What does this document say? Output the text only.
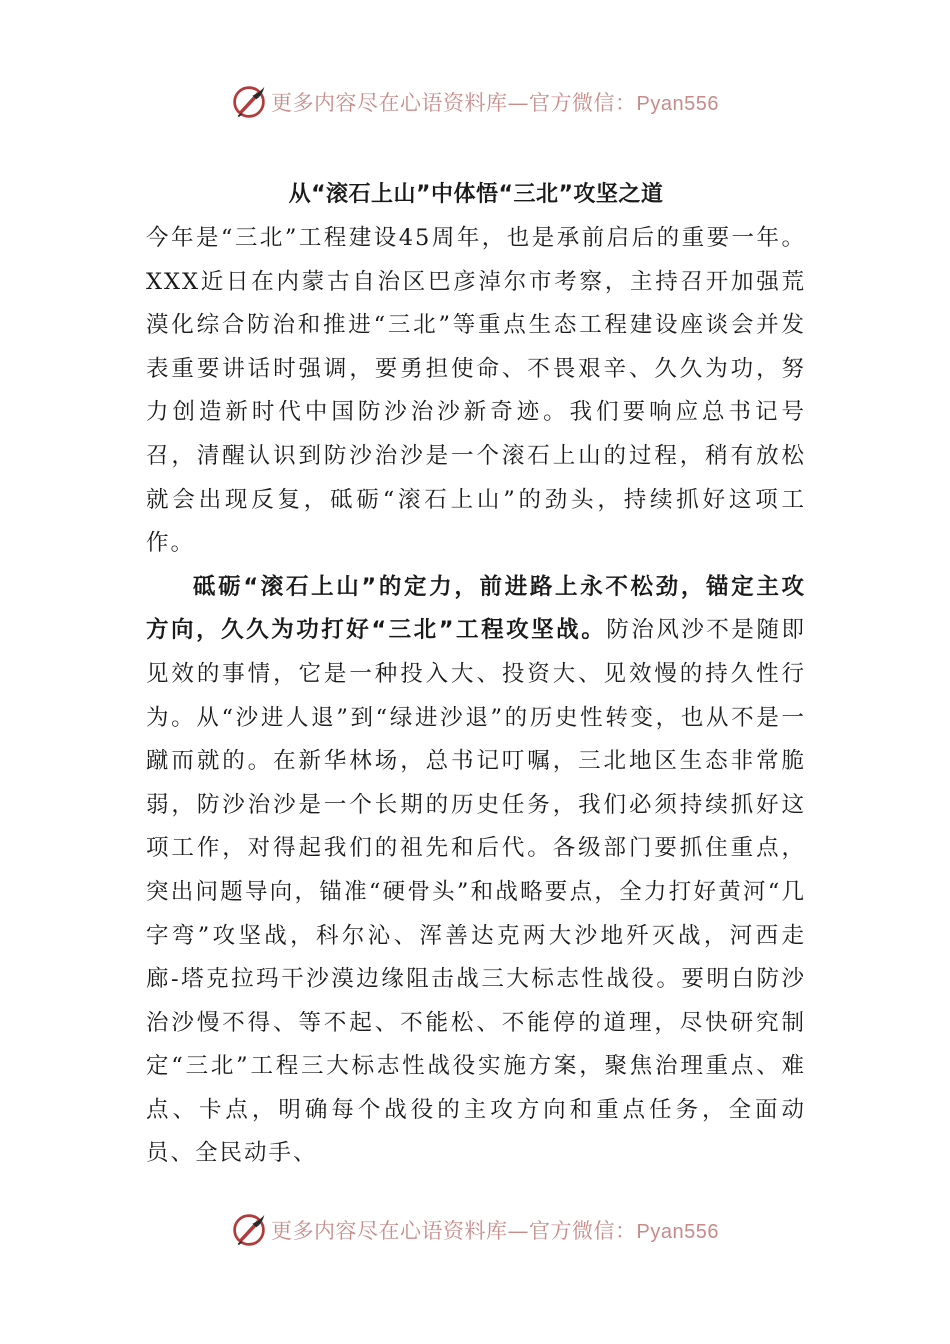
更多内容尽在心语资料库—官方微信：Pyan556
从“滚石上山”中体悟“三北”攻坚之道

今年是“三北”工程建设45周年，也是承前启后的重要一年。XXX近日在内蒙古自治区巴彦淖尔市考察，主持召开加强荒漠化综合防治和推进“三北”等重点生态工程建设座谈会并发表重要讲话时强调，要勇担使命、不畏艰辛、久久为功，努力创造新时代中国防沙治沙新奇迹。我们要响应总书记号召，清醒认识到防沙治沙是一个滚石上山的过程，稍有放松就会出现反复，砥砺“滚石上山”的劲头，持续抓好这项工作。

砥砺“滚石上山”的定力，前进路上永不松劲，锚定主攻方向，久久为功打好“三北”工程攻坚战。防治风沙不是随即见效的事情，它是一种投入大、投资大、见效慢的持久性行为。从“沙进人退”到“绿进沙退”的历史性转变，也从不是一蹴而就的。在新华林场，总书记叮嘱，三北地区生态非常脆弱，防沙治沙是一个长期的历史任务，我们必须持续抓好这项工作，对得起我们的祖先和后代。各级部门要抓住重点，突出问题导向，锚准“硬骨头”和战略要点，全力打好黄河“几字弯”攻坚战，科尔沁、浑善达克两大沙地歼灭战，河西走廊-塔克拉玛干沙漠边缘阻击战三大标志性战役。要明白防沙治沙慢不得、等不起、不能松、不能停的道理，尽快研究制定“三北”工程三大标志性战役实施方案，聚焦治理重点、难点、卡点，明确每个战役的主攻方向和重点任务，全面动员、全民动手、

更多内容尽在心语资料库—官方微信：Pyan556
